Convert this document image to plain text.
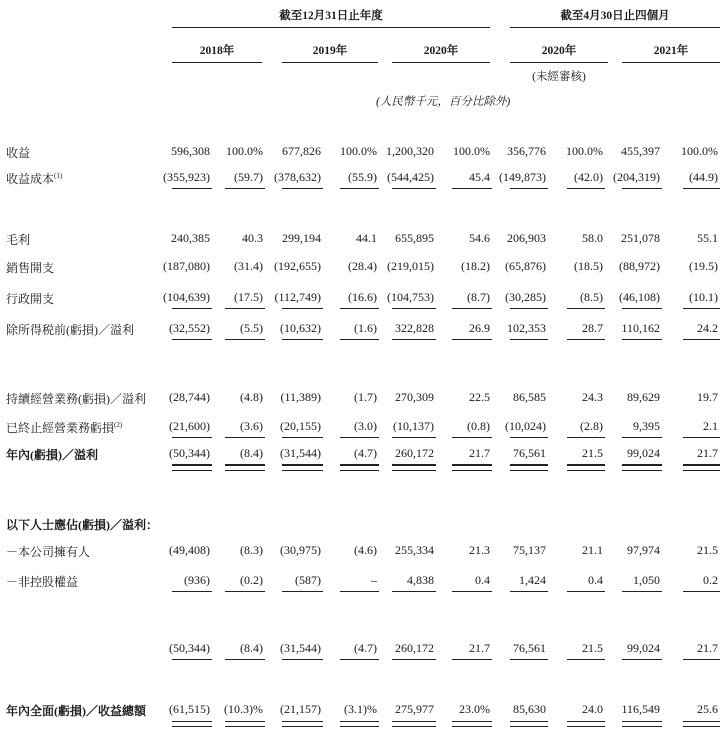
截至12月31日止年度	截至4月30日止四個月
2018年	2019年	2020年	2020年	2021年
(未經審核)
(人民幣千元，百分比除外)
收益	596,308 100.0% 677,826 100.0% 1,200,320 100.0% 356,776 100.0% 455,397 100.0%
收益成本$^{(1)}$	(355,923) (59.7) (378,632) (55.9) (544,425)	45.4 (149,873) (42.0) (204,319) (44.9)
毛利	240,385	40.3 299,194	44.1 655,895	54.6 206,903	58.0 251,078	55.1
銷售開支	(187,080) (31.4) (192,655) (28.4) (219,015) (18.2) (65,876) (18.5) (88,972) (19.5)
行政開支	(104,639) (17.5) (112,749) (16.6) (104,753)	(8.7) (30,285)	(8.5) (46,108) (10.1)
除所得税前(虧損)／溢利	(32,552)	(5.5) (10,632)	(1.6) 322,828	26.9 102,353	28.7 110,162	24.2
持續經營業務(虧損)／溢利 (28,744)	(4.8) (11,389)	(1.7) 270,309	22.5 86,585	24.3 89,629	19.7
已終止經營業務虧損$^{(2)}$	(21,600)	(3.6) (20,155)	(3.0) (10,137)	(0.8) (10,024)	(2.8)	9,395	2.1
年內(虧損)／溢利	(50,344)	(8.4) (31,544)	(4.7) 260,172	21.7 76,561	21.5 99,024	21.7
以下人士應佔(虧損)／溢利：
－本公司擁有人	(49,408)	(8.3) (30,975)	(4.6) 255,334	21.3 75,137	21.1 97,974	21.5
－非控股權益	(936)	(0.2)	(587)	–	4,838	0.4 1,424	0.4	1,050	0.2
(50,344)	(8.4) (31,544)	(4.7) 260,172	21.7 76,561	21.5 99,024	21.7
年內全面(虧損)／收益總額 (61,515) (10.3)% (21,157) (3.1)% 275,977 23.0% 85,630	24.0 116,549	25.6
